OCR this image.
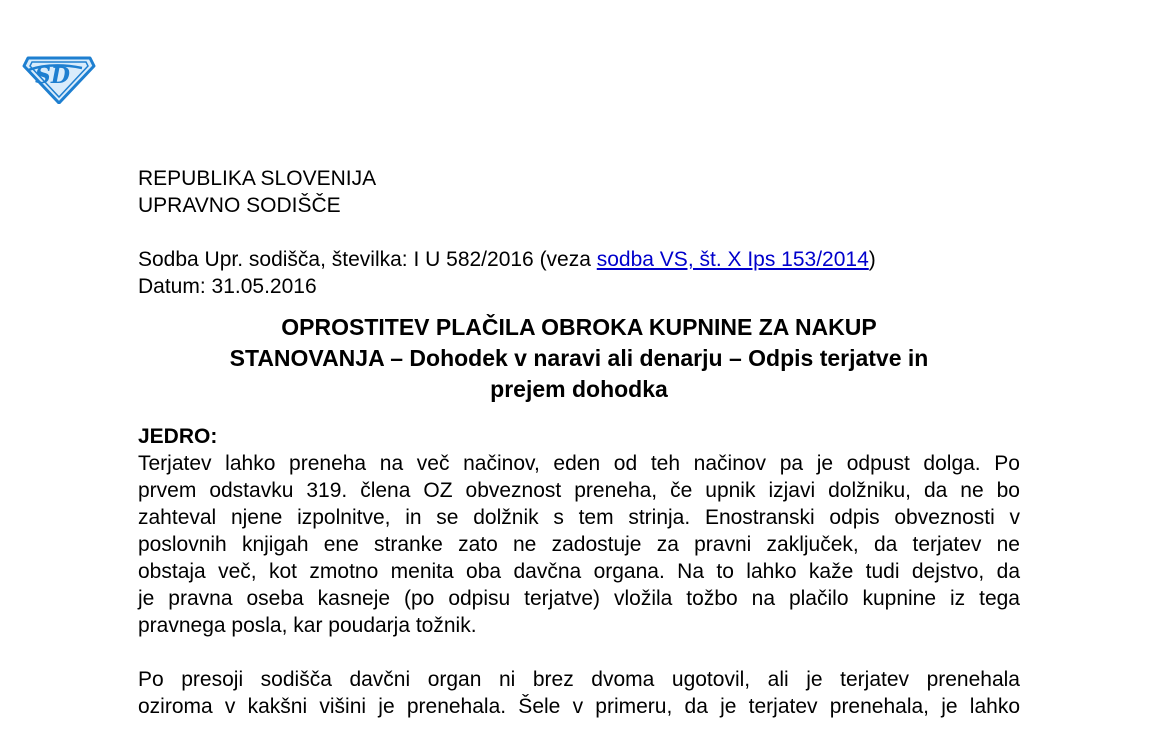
SD
REPUBLIKA SLOVENIJA
UPRAVNO SODIŠČE
Sodba Upr. sodišča, številka: I U 582/2016 (veza sodba VS, št. X Ips 153/2014)
Datum: 31.05.2016
OPROSTITEV PLAČILA OBROKA KUPNINE ZA NAKUP
STANOVANJA – Dohodek v naravi ali denarju – Odpis terjatve in
prejem dohodka
JEDRO:
Terjatev lahko preneha na več načinov, eden od teh načinov pa je odpust dolga. Po
prvem odstavku 319. člena OZ obveznost preneha, če upnik izjavi dolžniku, da ne bo
zahteval njene izpolnitve, in se dolžnik s tem strinja. Enostranski odpis obveznosti v
poslovnih knjigah ene stranke zato ne zadostuje za pravni zaključek, da terjatev ne
obstaja več, kot zmotno menita oba davčna organa. Na to lahko kaže tudi dejstvo, da
je pravna oseba kasneje (po odpisu terjatve) vložila tožbo na plačilo kupnine iz tega
pravnega posla, kar poudarja tožnik.
Po presoji sodišča davčni organ ni brez dvoma ugotovil, ali je terjatev prenehala
oziroma v kakšni višini je prenehala. Šele v primeru, da je terjatev prenehala, je lahko
